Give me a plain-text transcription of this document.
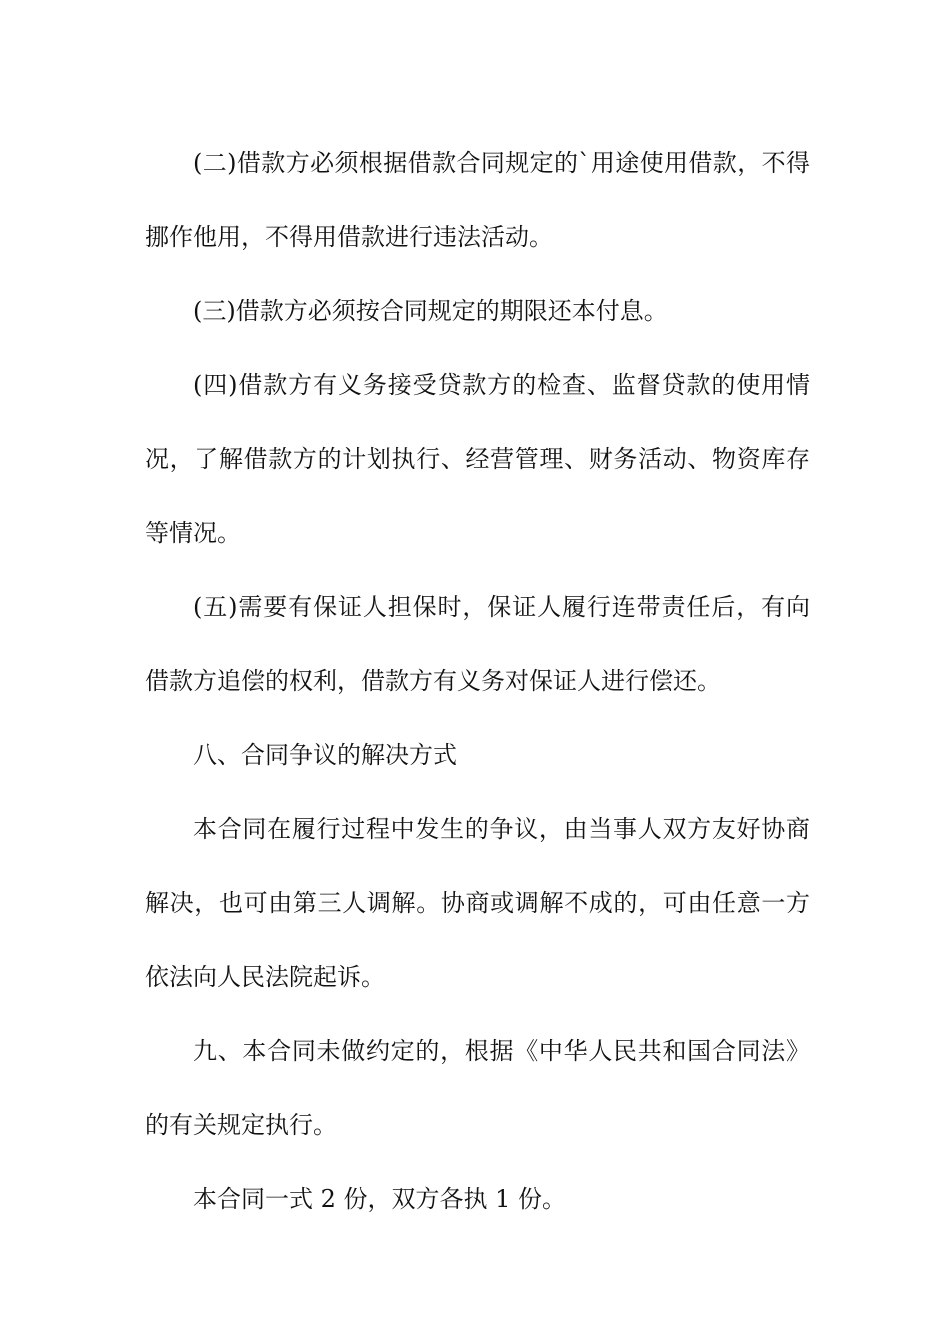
(二)借款方必须根据借款合同规定的`用途使用借款，不得挪作他用，不得用借款进行违法活动。

(三)借款方必须按合同规定的期限还本付息。

(四)借款方有义务接受贷款方的检查、监督贷款的使用情况，了解借款方的计划执行、经营管理、财务活动、物资库存等情况。

(五)需要有保证人担保时，保证人履行连带责任后，有向借款方追偿的权利，借款方有义务对保证人进行偿还。

八、合同争议的解决方式

本合同在履行过程中发生的争议，由当事人双方友好协商解决，也可由第三人调解。协商或调解不成的，可由任意一方依法向人民法院起诉。

九、本合同未做约定的，根据《中华人民共和国合同法》的有关规定执行。

本合同一式 2 份，双方各执 1 份。
